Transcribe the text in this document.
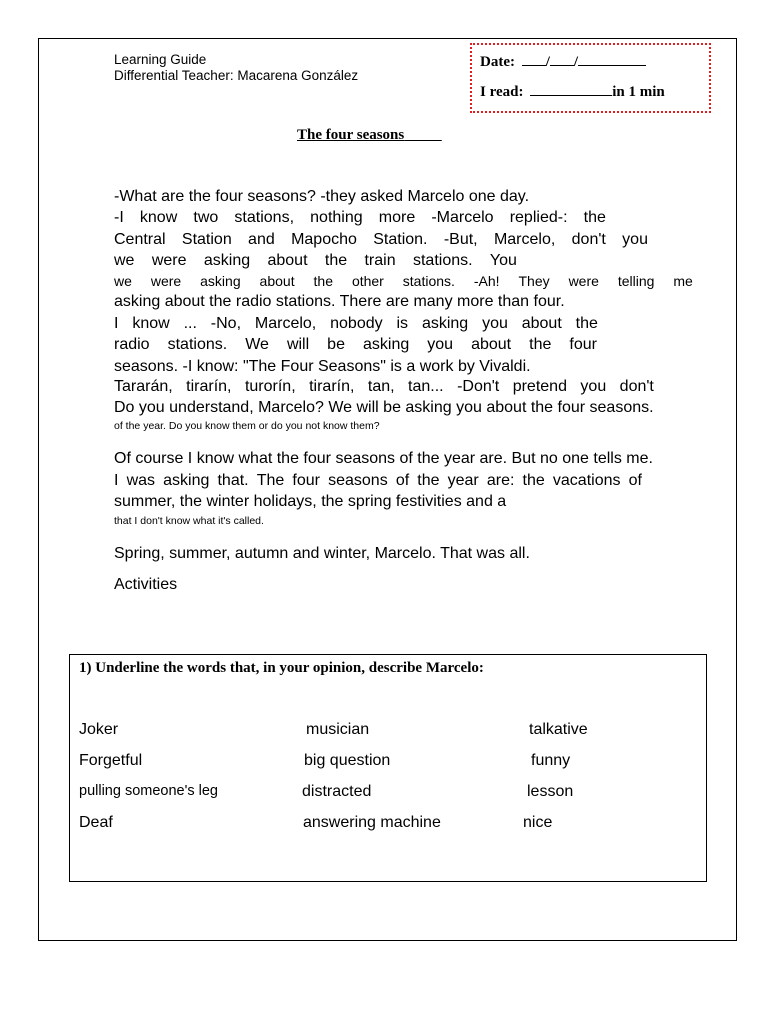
Learning Guide
Differential Teacher: Macarena González
Date: / /
I read:	in 1 min
The four seasons
-What are the four seasons? -they asked Marcelo one day.
-I know two stations, nothing more -Marcelo replied-: the
Central Station and Mapocho Station. -But, Marcelo, don't you
we were asking about the train stations. You
we were asking about the other stations. -Ah! They were telling me
asking about the radio stations. There are many more than four.
I know ... -No, Marcelo, nobody is asking you about the
radio stations. We will be asking you about the four
seasons. -I know: "The Four Seasons" is a work by Vivaldi.
Tararán, tirarín, turorín, tirarín, tan, tan... -Don't pretend you don't
Do you understand, Marcelo? We will be asking you about the four seasons.
of the year. Do you know them or do you not know them?
Of course I know what the four seasons of the year are. But no one tells me.
I was asking that. The four seasons of the year are: the vacations of
summer, the winter holidays, the spring festivities and a
that I don't know what it's called.
Spring, summer, autumn and winter, Marcelo. That was all.
Activities
1) Underline the words that, in your opinion, describe Marcelo:
Joker	musician	talkative
Forgetful	big question	funny
pulling someone's leg	distracted	lesson
Deaf	answering machine	nice
